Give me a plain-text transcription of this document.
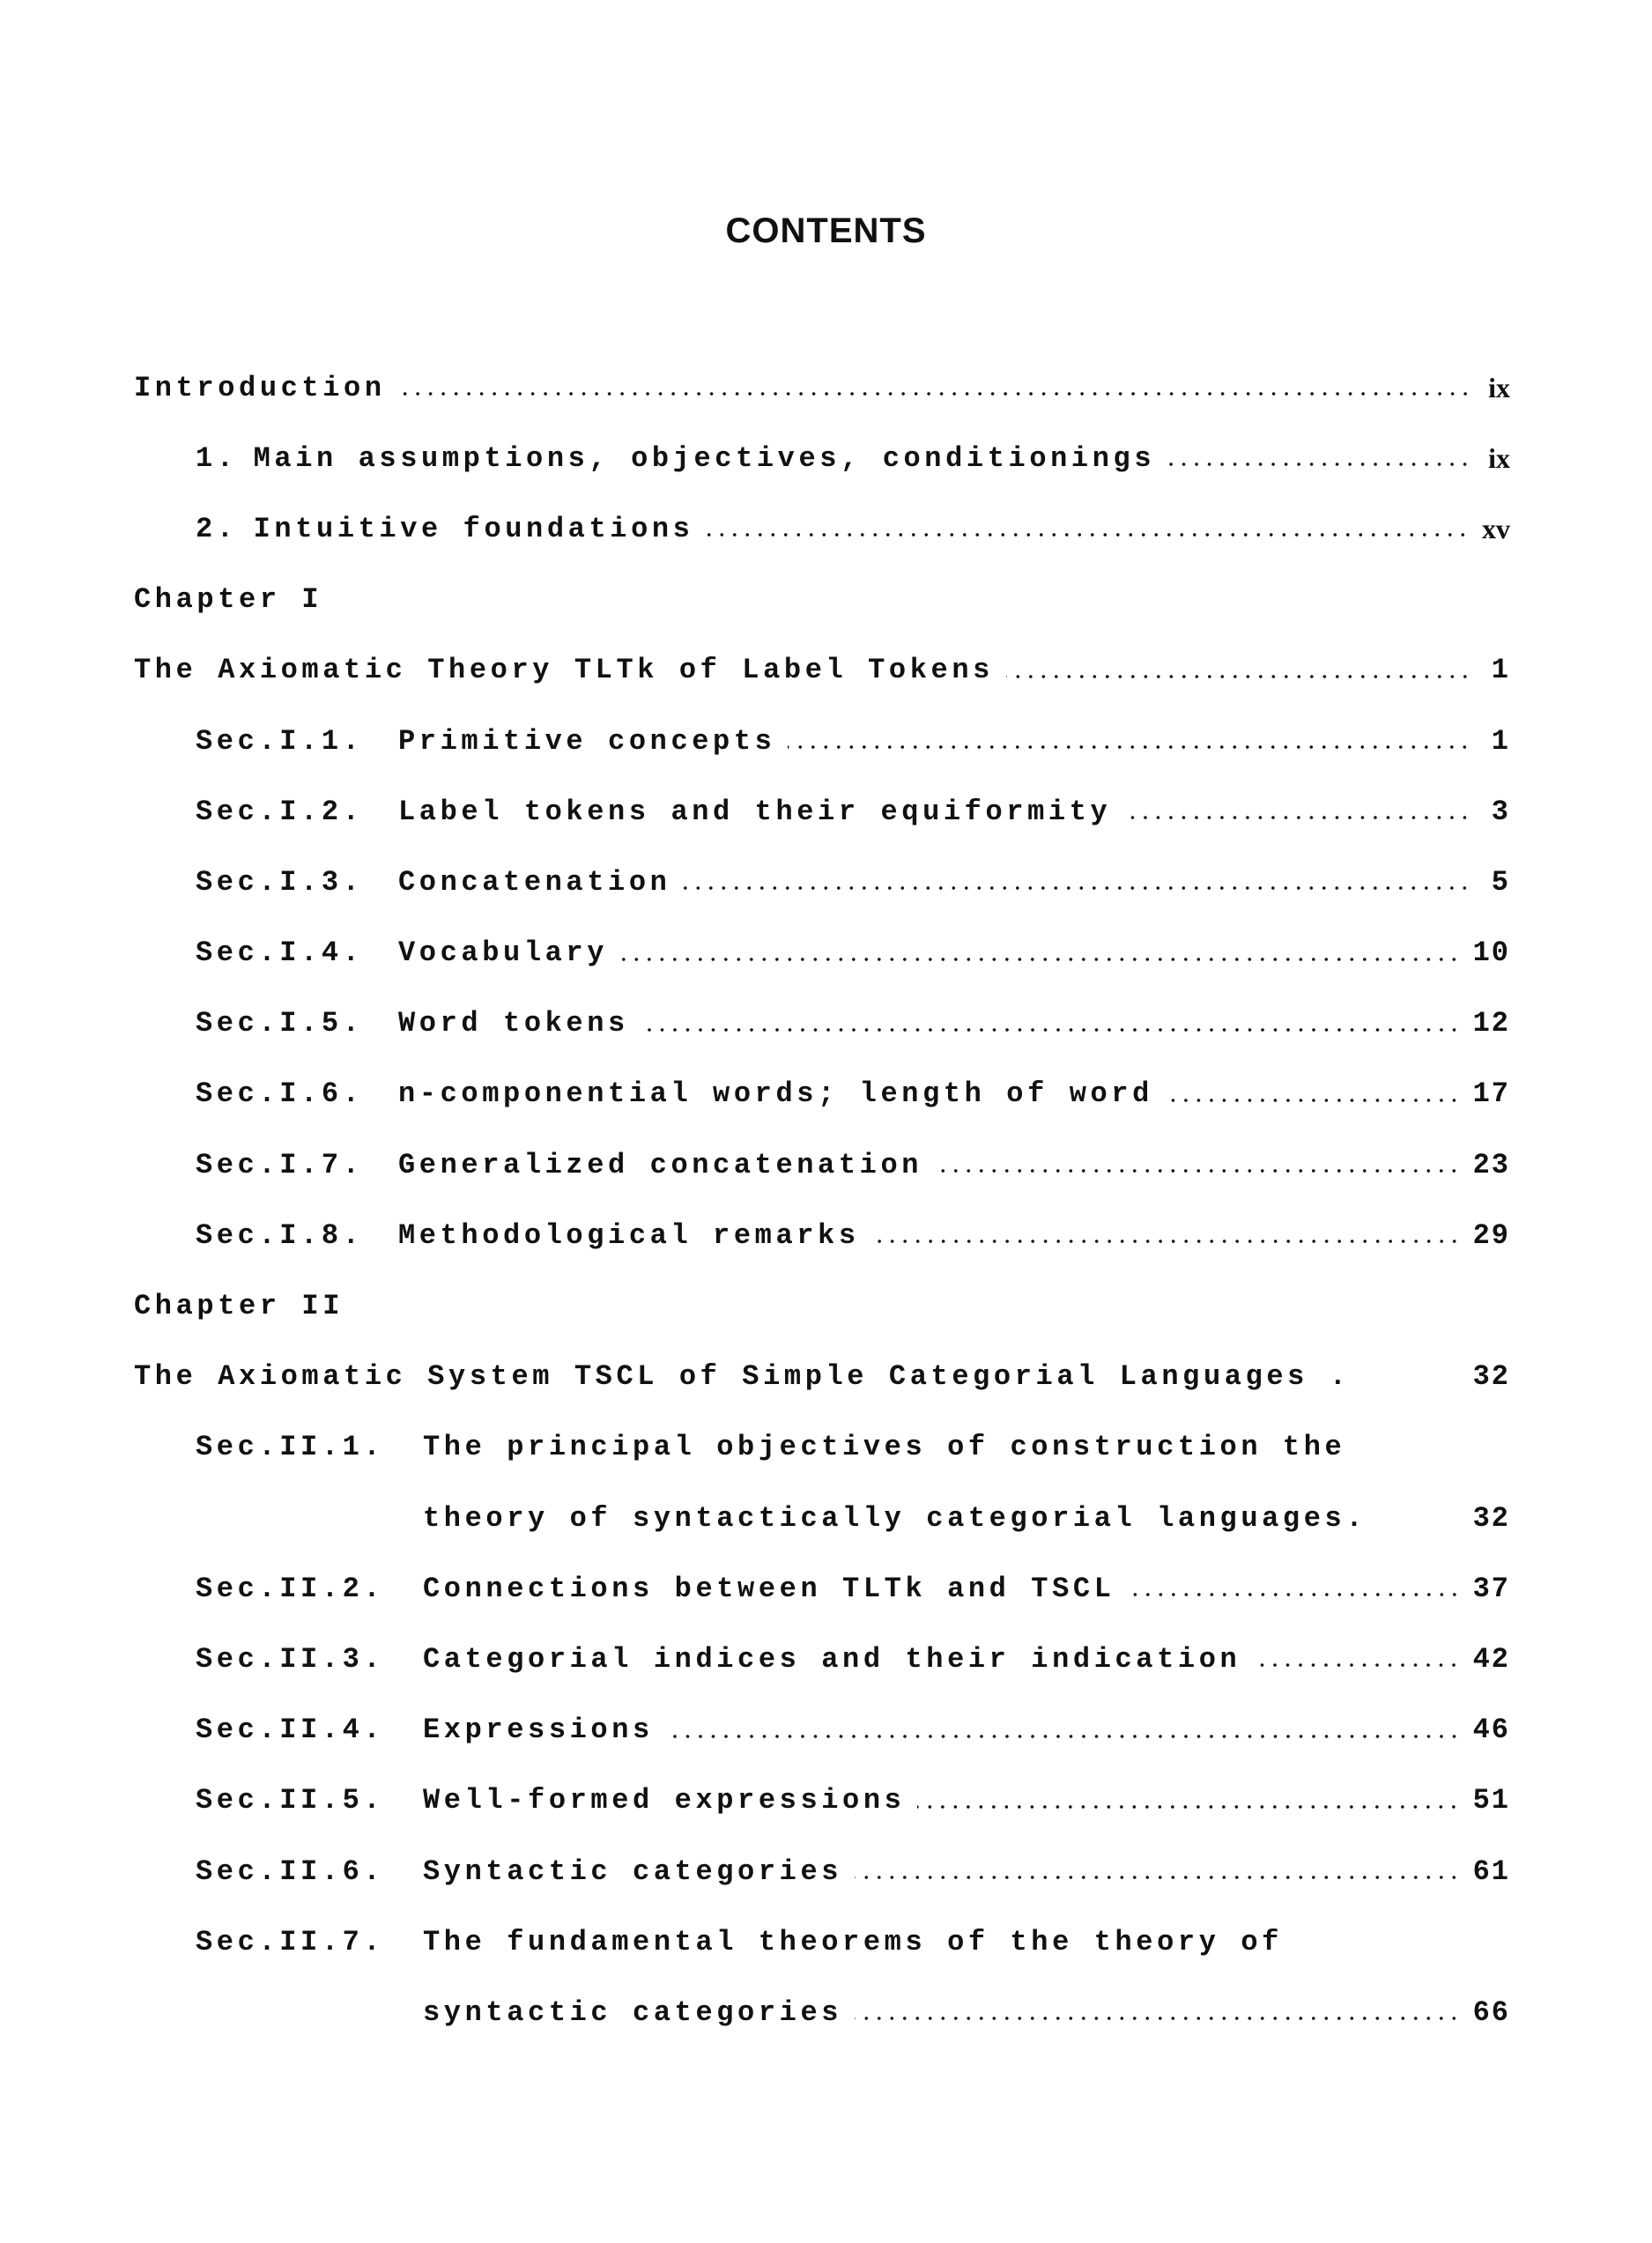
CONTENTS
Introduction	ix
1. Main assumptions, objectives, conditionings	ix
2. Intuitive foundations	xv
Chapter I
The Axiomatic Theory TLTk of Label Tokens	1
Sec.I.1.	Primitive concepts	1
Sec.I.2.	Label tokens and their equiformity	3
Sec.I.3.	Concatenation	5
Sec.I.4.	Vocabulary	10
Sec.I.5.	Word tokens	12
Sec.I.6.	n-componential words; length of word	17
Sec.I.7.	Generalized concatenation	23
Sec.I.8.	Methodological remarks	29
Chapter II
The Axiomatic System TSCL of Simple Categorial Languages .	32
Sec.II.1.	The principal objectives of construction the
theory of syntactically categorial languages.	32
Sec.II.2.	Connections between TLTk and TSCL	37
Sec.II.3.	Categorial indices and their indication	42
Sec.II.4.	Expressions	46
Sec.II.5.	Well-formed expressions	51
Sec.II.6.	Syntactic categories	61
Sec.II.7.	The fundamental theorems of the theory of
syntactic categories	66
